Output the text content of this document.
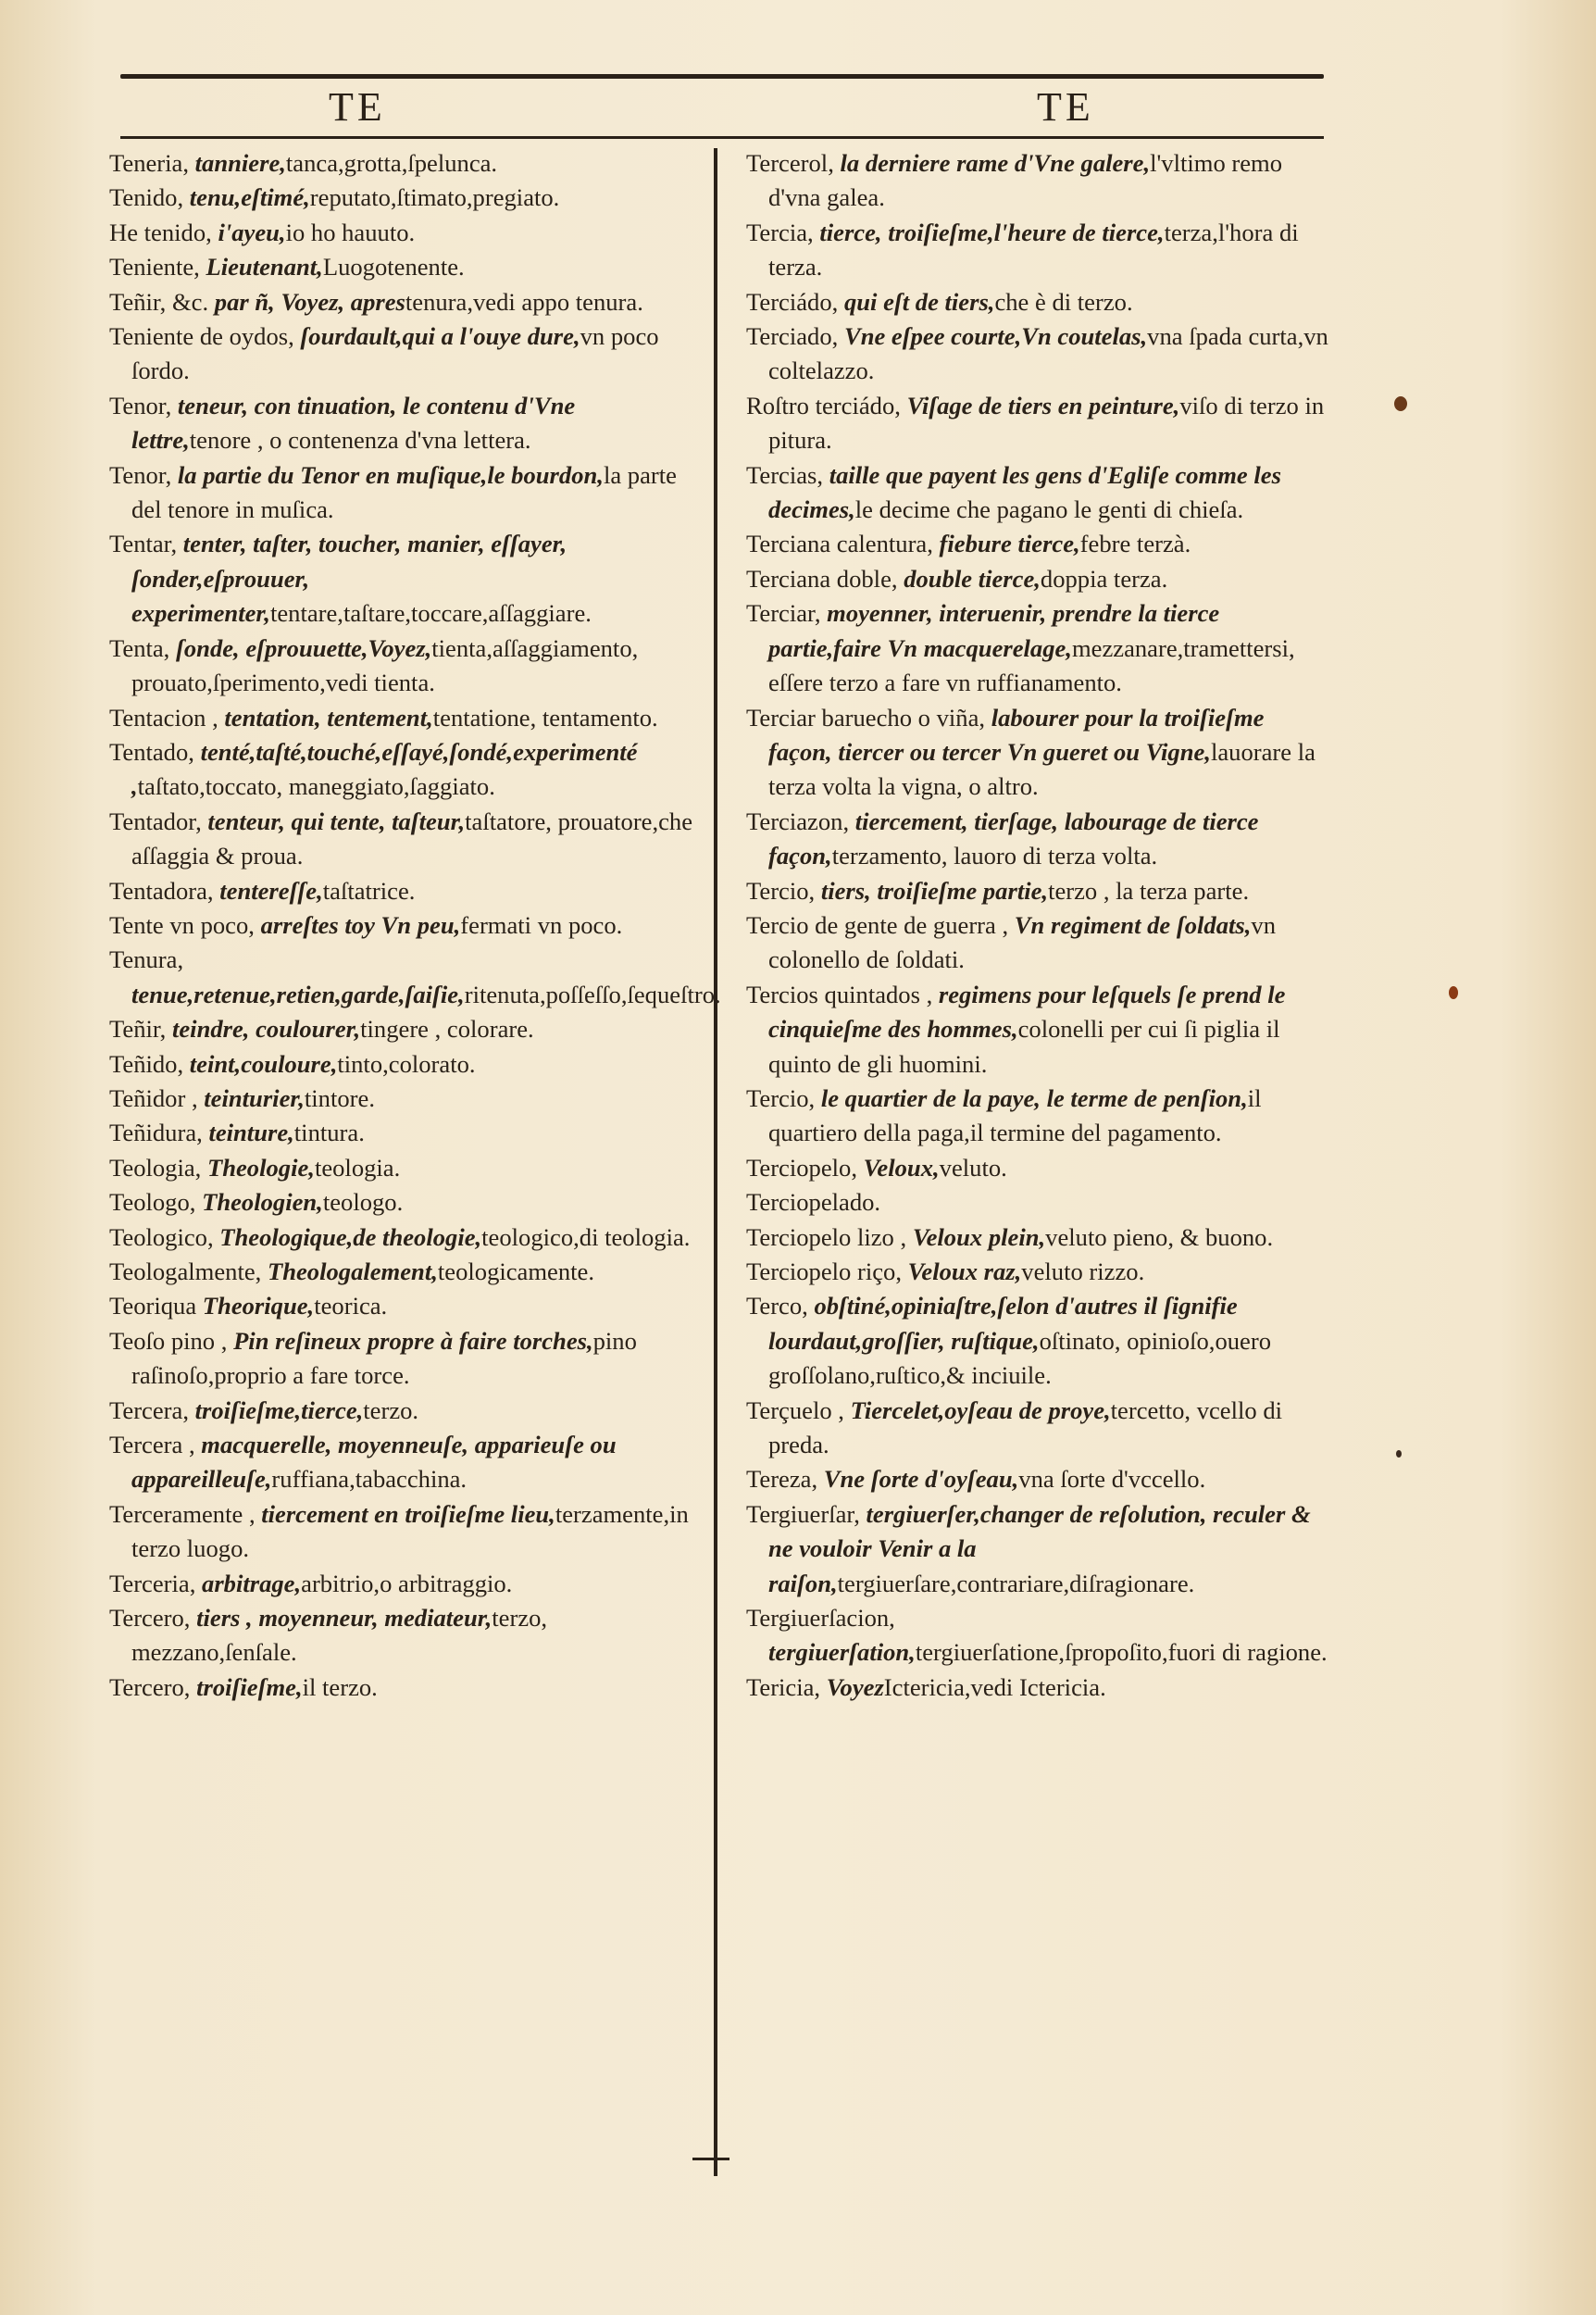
TE	TE

Teneria, tanniere,tanca,grotta,ſpelunca.

Tenido, tenu,eſtimé,reputato,ſtimato,pregiato.

He tenido, i'ayeu,io ho hauuto.

Teniente, Lieutenant,Luogotenente.

Teñir, &c. par ñ, Voyez, aprestenura,vedi appo tenura.

Teniente de oydos, ſourdault,qui a l'ouye dure,vn poco ſordo.

Tenor, teneur, con tinuation, le contenu d'Vne lettre,tenore , o contenenza d'vna lettera.

Tenor, la partie du Tenor en muſique,le bourdon,la parte del tenore in muſica.

Tentar, tenter, taſter, toucher, manier, eſſayer, ſonder,eſprouuer, experimenter,tentare,taſtare,toccare,aſſaggiare.

Tenta, ſonde, eſprouuette,Voyez,tienta,aſſaggiamento, prouato,ſperimento,vedi tienta.

Tentacion , tentation, tentement,tentatione, tentamento.

Tentado, tenté,taſté,touché,eſſayé,ſondé,experimenté ,taſtato,toccato, maneggiato,ſaggiato.

Tentador, tenteur, qui tente, taſteur,taſtatore, prouatore,che aſſaggia & proua.

Tentadora, tentereſſe,taſtatrice.

Tente vn poco, arreſtes toy Vn peu,fermati vn poco.

Tenura, tenue,retenue,retien,garde,ſaiſie,ritenuta,poſſeſſo,ſequeſtro.

Teñir, teindre, coulourer,tingere , colorare.

Teñido, teint,couloure,tinto,colorato.

Teñidor , teinturier,tintore.

Teñidura, teinture,tintura.

Teologia, Theologie,teologia.

Teologo, Theologien,teologo.

Teologico, Theologique,de theologie,teologico,di teologia.

Teologalmente, Theologalement,teologicamente.

Teoriqua Theorique,teorica.

Teoſo pino , Pin reſineux propre à faire torches,pino raſinoſo,proprio a fare torce.

Tercera, troiſieſme,tierce,terzo.

Tercera , macquerelle, moyenneuſe, apparieuſe ou appareilleuſe,ruffiana,tabacchina.

Terceramente , tiercement en troiſieſme lieu,terzamente,in terzo luogo.

Terceria, arbitrage,arbitrio,o arbitraggio.

Tercero, tiers , moyenneur, mediateur,terzo, mezzano,ſenſale.

Tercero, troiſieſme,il terzo.

Tercerol, la derniere rame d'Vne galere,l'vltimo remo d'vna galea.

Tercia, tierce, troiſieſme,l'heure de tierce,terza,l'hora di terza.

Terciádo, qui eſt de tiers,che è di terzo.

Terciado, Vne eſpee courte,Vn coutelas,vna ſpada curta,vn coltelazzo.

Roſtro terciádo, Viſage de tiers en peinture,viſo di terzo in pitura.

Tercias, taille que payent les gens d'Egliſe comme les decimes,le decime che pagano le genti di chieſa.

Terciana calentura, fiebure tierce,febre terzà.

Terciana doble, double tierce,doppia terza.

Terciar, moyenner, interuenir, prendre la tierce partie,faire Vn macquerelage,mezzanare,tramettersi, eſſere terzo a fare vn ruffianamento.

Terciar baruecho o viña, labourer pour la troiſieſme façon, tiercer ou tercer Vn gueret ou Vigne,lauorare la terza volta la vigna, o altro.

Terciazon, tiercement, tierſage, labourage de tierce façon,terzamento, lauoro di terza volta.

Tercio, tiers, troiſieſme partie,terzo , la terza parte.

Tercio de gente de guerra , Vn regiment de ſoldats,vn colonello de ſoldati.

Tercios quintados , regimens pour leſquels ſe prend le cinquieſme des hommes,colonelli per cui ſi piglia il quinto de gli huomini.

Tercio, le quartier de la paye, le terme de penſion,il quartiero della paga,il termine del pagamento.

Terciopelo, Veloux,veluto.

Terciopelado.

Terciopelo lizo , Veloux plein,veluto pieno, & buono.

Terciopelo riço, Veloux raz,veluto rizzo.

Terco, obſtiné,opiniaſtre,ſelon d'autres il ſignifie lourdaut,groſſier, ruſtique,oſtinato, opinioſo,ouero groſſolano,ruſtico,& inciuile.

Terçuelo , Tiercelet,oyſeau de proye,tercetto, vcello di preda.

Tereza, Vne ſorte d'oyſeau,vna ſorte d'vccello.

Tergiuerſar, tergiuerſer,changer de reſolution, reculer & ne vouloir Venir a la raiſon,tergiuerſare,contrariare,diſragionare.

Tergiuerſacion, tergiuerſation,tergiuerſatione,ſpropoſito,fuori di ragione.

Tericia, VoyezIctericia,vedi Ictericia.
